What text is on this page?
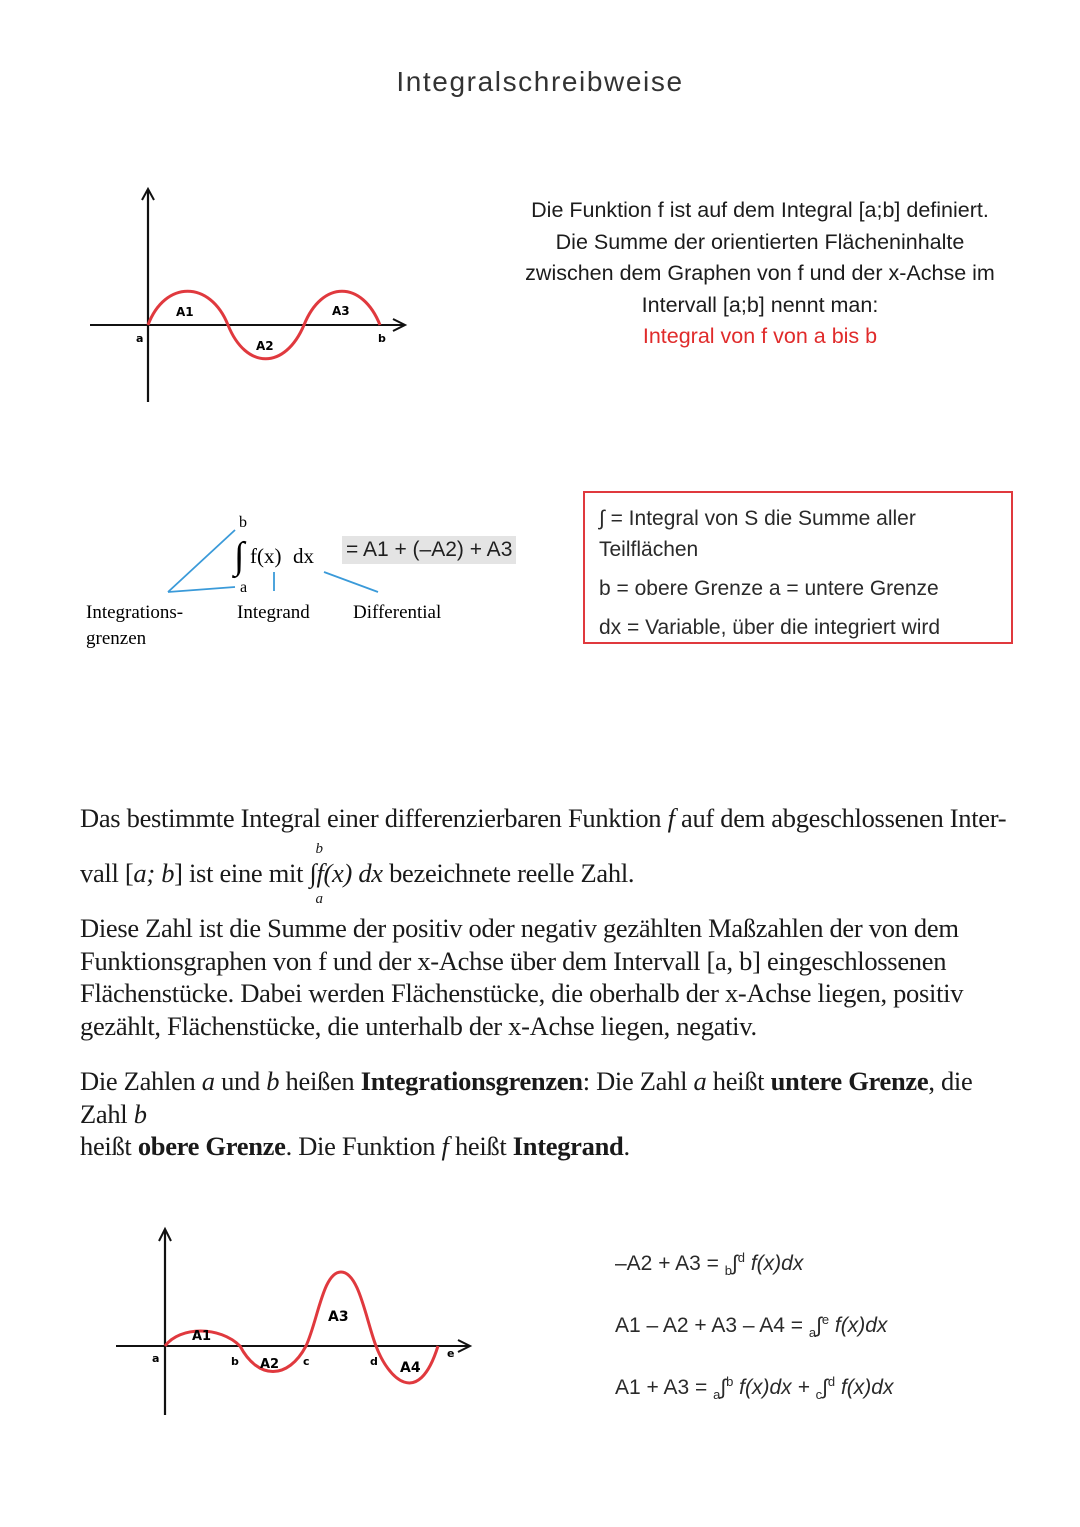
Integralschreibweise
a
A1
A2
A3
b
Die Funktion f ist auf dem Integral [a;b] definiert.
Die Summe der orientierten Flächeninhalte
zwischen dem Graphen von f und der x-Achse im
Intervall [a;b] nennt man:
Integral von f von a bis b
b
∫ f(x) dx
a
Integrations-
grenzen
Integrand Differential
= A1 + (–A2) + A3
∫ = Integral von S die Summe aller
Teilflächen
b = obere Grenze a = untere Grenze
dx = Variable, über die integriert wird
Das bestimmte Integral einer differenzierbaren Funktion f auf dem abgeschlossenen Inter-
vall [a; b] ist eine mit
b
∫f(x) dx
a
bezeichnete reelle Zahl.
Diese Zahl ist die Summe der positiv oder negativ gezählten Maßzahlen der von dem Funktionsgraphen von f und der x-Achse über dem Intervall [a, b] eingeschlossenen Flächenstücke. Dabei werden Flächenstücke, die oberhalb der x-Achse liegen, positiv gezählt, Flächenstücke, die unterhalb der x-Achse liegen, negativ.
Die Zahlen a und b heißen Integrationsgrenzen: Die Zahl a heißt untere Grenze, die Zahl b
heißt obere Grenze. Die Funktion f heißt Integrand.
a
A1
b A2 c
A3
d A4
e
–A2 + A3 = $_b$∫$^d$ f(x)dx
A1 – A2 + A3 – A4 = $_a$∫$^e$ f(x)dx
A1 + A3 = $_a$∫$^b$ f(x)dx + $_c$∫$^d$ f(x)dx
